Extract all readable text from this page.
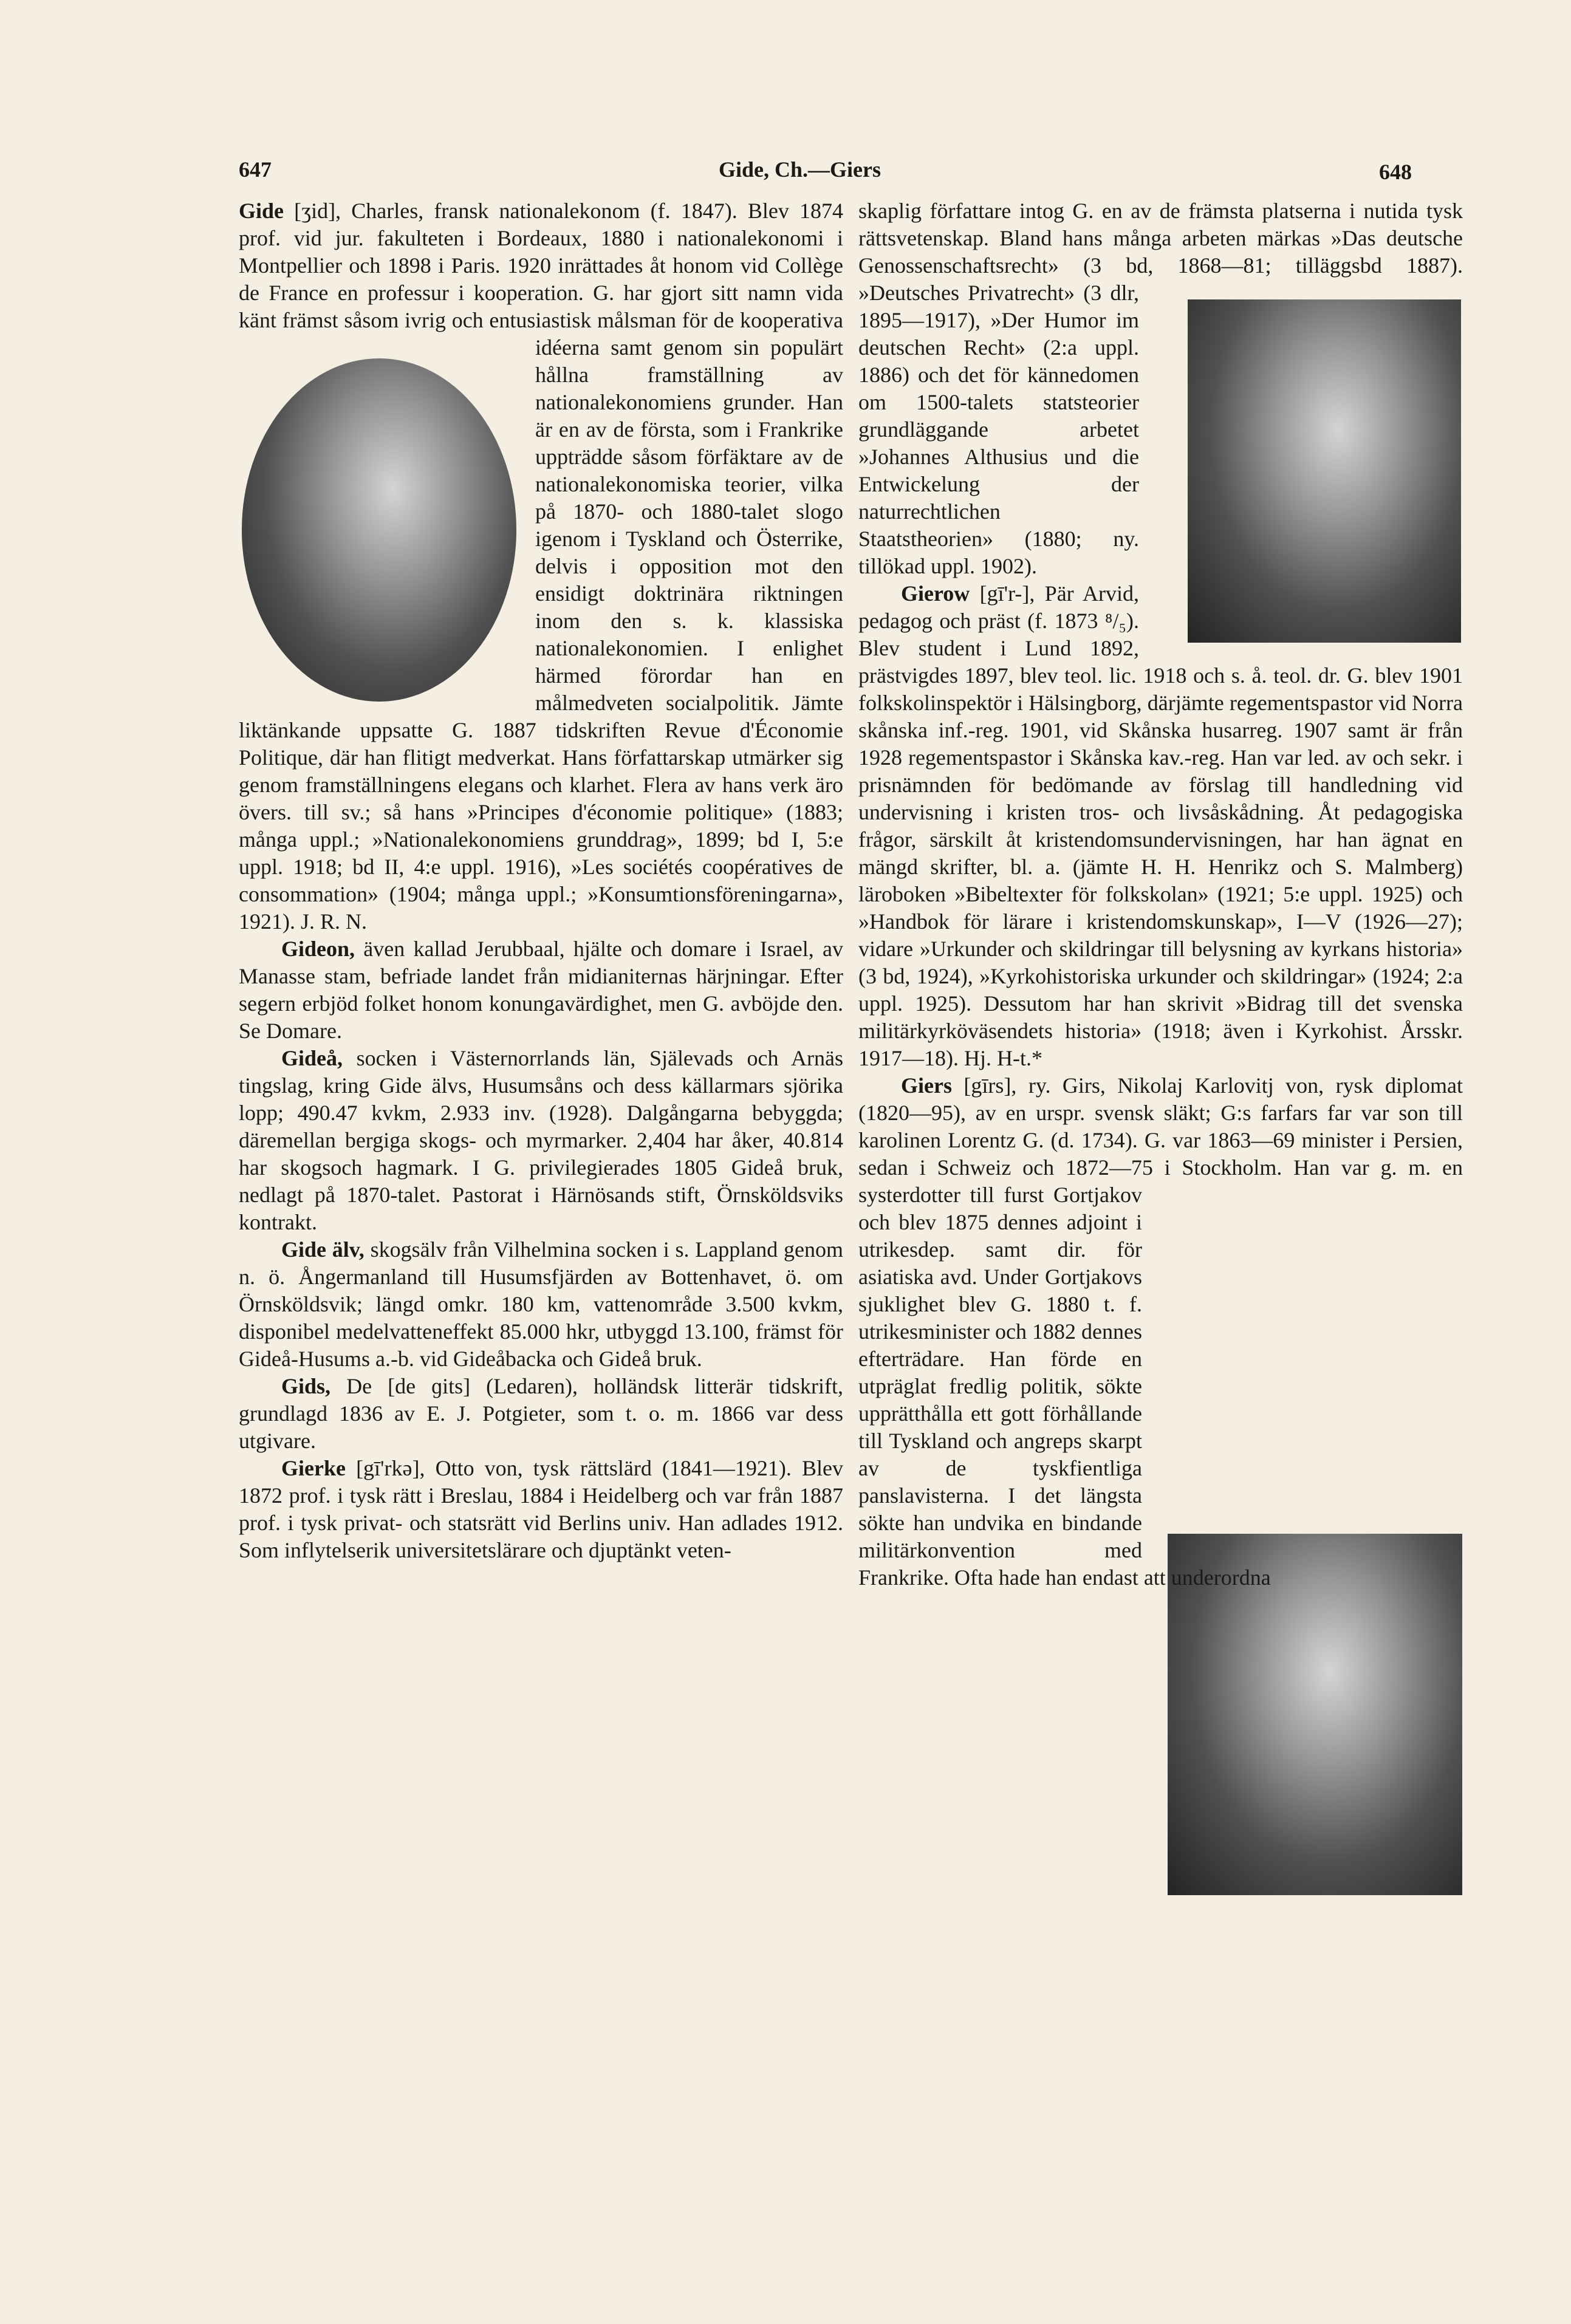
647	Gide, Ch.—Giers	648

Gide [ʒid], Charles, fransk nationalekonom (f. 1847). Blev 1874 prof. vid jur. fakulteten i Bordeaux, 1880 i nationalekonomi i Montpellier och 1898 i Paris. 1920 inrättades åt honom vid Collège de France en professur i kooperation. G. har gjort sitt namn vida känt främst såsom ivrig och entusiastisk målsman för de kooperativa idéerna samt genom sin populärt hållna framställning av nationalekonomiens grunder. Han är en av de första, som i Frankrike uppträdde såsom förfäktare av de nationalekonomiska teorier, vilka på 1870- och 1880-talet slogo igenom i Tyskland och Österrike, delvis i opposition mot den ensidigt doktrinära riktningen inom den s. k. klassiska nationalekonomien. I enlighet härmed förordar han en målmedveten socialpolitik. Jämte liktänkande uppsatte G. 1887 tidskriften Revue d'Économie Politique, där han flitigt medverkat. Hans författarskap utmärker sig genom framställningens elegans och klarhet. Flera av hans verk äro övers. till sv.; så hans »Principes d'économie politique» (1883; många uppl.; »Nationalekonomiens grunddrag», 1899; bd I, 5:e uppl. 1918; bd II, 4:e uppl. 1916), »Les sociétés coopératives de consommation» (1904; många uppl.; »Konsumtionsföreningarna», 1921). J. R. N.

Gideon, även kallad Jerubbaal, hjälte och domare i Israel, av Manasse stam, befriade landet från midianiternas härjningar. Efter segern erbjöd folket honom konungavärdighet, men G. avböjde den. Se Domare.

Gideå, socken i Västernorrlands län, Själevads och Arnäs tingslag, kring Gide älvs, Husumsåns och dess källarmars sjörika lopp; 490.47 kvkm, 2.933 inv. (1928). Dalgångarna bebyggda; däremellan bergiga skogs- och myrmarker. 2,404 har åker, 40.814 har skogsoch hagmark. I G. privilegierades 1805 Gideå bruk, nedlagt på 1870-talet. Pastorat i Härnösands stift, Örnsköldsviks kontrakt.

Gide älv, skogsälv från Vilhelmina socken i s. Lappland genom n. ö. Ångermanland till Husumsfjärden av Bottenhavet, ö. om Örnsköldsvik; längd omkr. 180 km, vattenområde 3.500 kvkm, disponibel medelvatteneffekt 85.000 hkr, utbyggd 13.100, främst för Gideå-Husums a.-b. vid Gideåbacka och Gideå bruk.

Gids, De [de ɡits] (Ledaren), holländsk litterär tidskrift, grundlagd 1836 av E. J. Potgieter, som t. o. m. 1866 var dess utgivare.

Gierke [gī'rkə], Otto von, tysk rättslärd (1841—1921). Blev 1872 prof. i tysk rätt i Breslau, 1884 i Heidelberg och var från 1887 prof. i tysk privat- och statsrätt vid Berlins univ. Han adlades 1912. Som inflytelserik universitetslärare och djuptänkt veten-

skaplig författare intog G. en av de främsta platserna i nutida tysk rättsvetenskap. Bland hans många arbeten märkas »Das deutsche Genossenschaftsrecht» (3 bd, 1868—81; tilläggsbd 1887). »Deutsches Privatrecht» (3 dlr, 1895—1917), »Der Humor im deutschen Recht» (2:a uppl. 1886) och det för kännedomen om 1500-talets statsteorier grundläggande arbetet »Johannes Althusius und die Entwickelung der naturrechtlichen Staatstheorien» (1880; ny. tillökad uppl. 1902).

Gierow [gī'r-], Pär Arvid, pedagog och präst (f. 1873 ⁸/₅). Blev student i Lund 1892, prästvigdes 1897, blev teol. lic. 1918 och s. å. teol. dr. G. blev 1901 folkskolinspektör i Hälsingborg, därjämte regementspastor vid Norra skånska inf.-reg. 1901, vid Skånska husarreg. 1907 samt är från 1928 regementspastor i Skånska kav.-reg. Han var led. av och sekr. i prisnämnden för bedömande av förslag till handledning vid undervisning i kristen tros- och livsåskådning. Åt pedagogiska frågor, särskilt åt kristendomsundervisningen, har han ägnat en mängd skrifter, bl. a. (jämte H. H. Henrikz och S. Malmberg) läroboken »Bibeltexter för folkskolan» (1921; 5:e uppl. 1925) och »Handbok för lärare i kristendomskunskap», I—V (1926—27); vidare »Urkunder och skildringar till belysning av kyrkans historia» (3 bd, 1924), »Kyrkohistoriska urkunder och skildringar» (1924; 2:a uppl. 1925). Dessutom har han skrivit »Bidrag till det svenska militärkyrköväsendets historia» (1918; även i Kyrkohist. Årsskr. 1917—18). Hj. H-t.*

Giers [gīrs], ry. Girs, Nikolaj Karlovitj von, rysk diplomat (1820—95), av en urspr. svensk släkt; G:s farfars far var son till karolinen Lorentz G. (d. 1734). G. var 1863—69 minister i Persien, sedan i Schweiz och 1872—75 i Stockholm. Han var g. m. en systerdotter till furst Gortjakov och blev 1875 dennes adjoint i utrikesdep. samt dir. för asiatiska avd. Under Gortjakovs sjuklighet blev G. 1880 t. f. utrikesminister och 1882 dennes efterträdare. Han förde en utpräglat fredlig politik, sökte upprätthålla ett gott förhållande till Tyskland och angreps skarpt av de tyskfientliga panslavisterna. I det längsta sökte han undvika en bindande militärkonvention med Frankrike. Ofta hade han endast att underordna
